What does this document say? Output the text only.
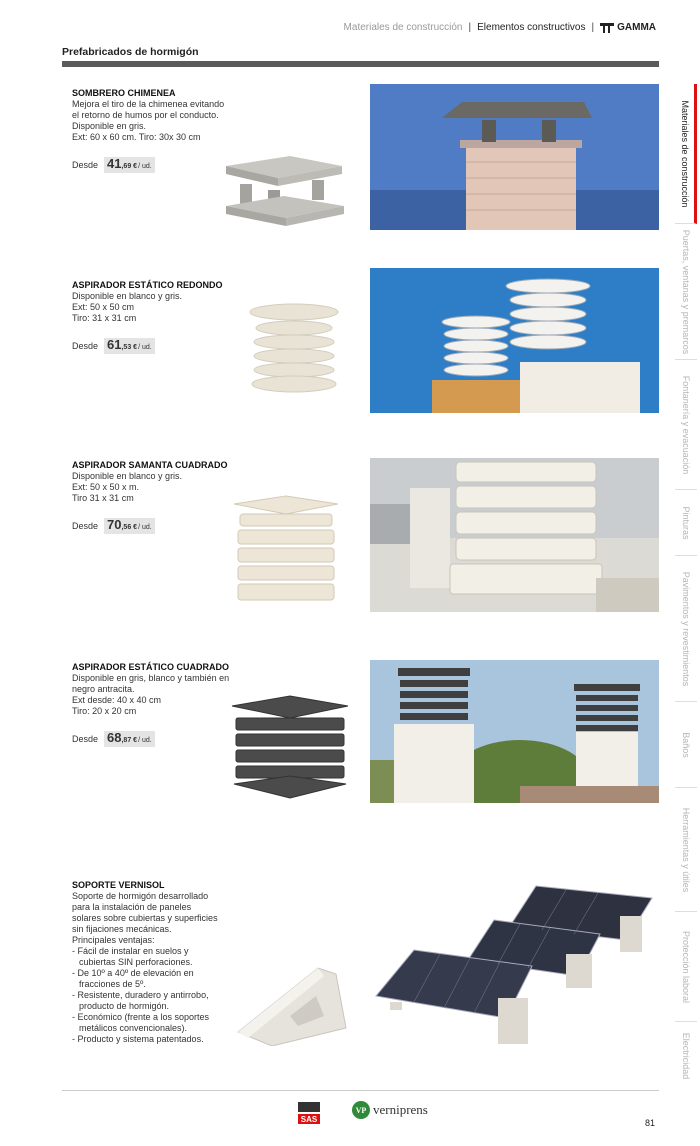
Materiales de construcción | Elementos constructivos | GAMMA
Prefabricados de hormigón
SOMBRERO CHIMENEA

Mejora el tiro de la chimenea evitando el retorno de humos por el conducto. Disponible en gris.

Ext: 60 x 60 cm. Tiro: 30x 30 cm

Desde 41 ,69 € / ud.
ASPIRADOR ESTÁTICO REDONDO

Disponible en blanco y gris.

Ext: 50 x 50 cm

Tiro: 31 x 31 cm

Desde 61 ,53 € / ud.
ASPIRADOR SAMANTA CUADRADO

Disponible en blanco y gris.

Ext: 50 x 50 x m.

Tiro 31 x 31 cm

Desde 70 ,56 € / ud.
ASPIRADOR ESTÁTICO CUADRADO

Disponible en gris, blanco y también en negro antracita.

Ext desde: 40 x 40 cm

Tiro: 20 x 20 cm

Desde 68 ,87 € / ud.
SOPORTE VERNISOL

Soporte de hormigón desarrollado para la instalación de paneles solares sobre cubiertas y superficies sin fijaciones mecánicas.

Principales ventajas:

- Fácil de instalar en suelos y cubiertas SIN perforaciones.
- De 10º a 40º de elevación en fracciones de 5º.
- Resistente, duradero y antirrobo, producto de hormigón.
- Económico (frente a los soportes metálicos convencionales).
- Producto y sistema patentados.
Materiales de construcción
Puertas, ventanas y premarcos
Fontanería y evacuación
Pinturas
Pavimentos y revestimientos
Baños
Herramientas y útiles
Protección laboral
Electricidad
SAS
VP verniprens
81
